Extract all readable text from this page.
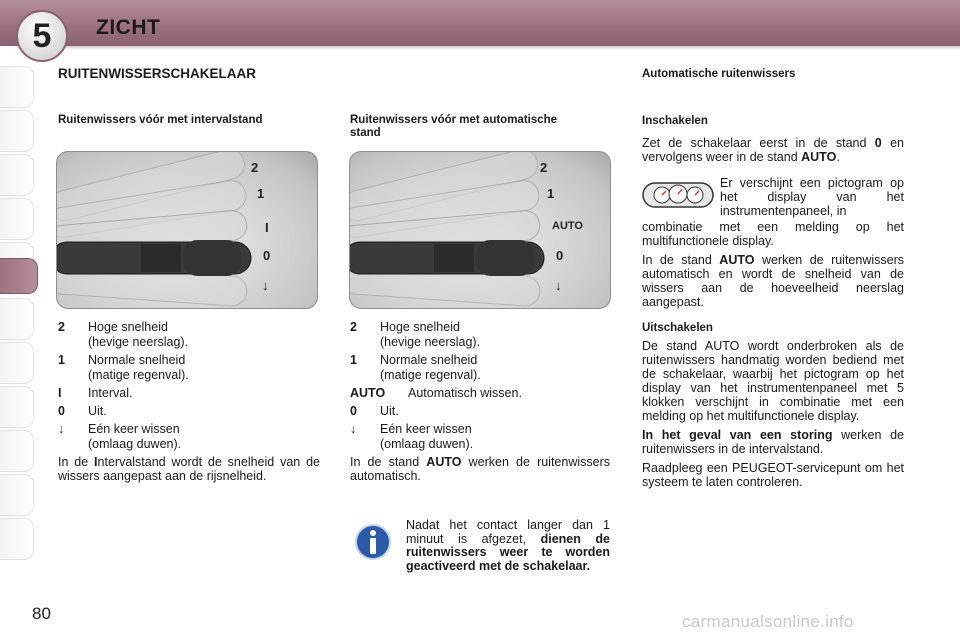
5	ZICHT
RUITENWISSERSCHAKELAAR	Automatische ruitenwissers
Ruitenwissers vóór met intervalstand
2
1
I
0
↓
2	Hoge snelheid
(hevige neerslag).
1	Normale snelheid
(matige regenval).
I	Interval.
0	Uit.
↓	Eén keer wissen
(omlaag duwen).
In de Intervalstand wordt de snelheid van de wissers aangepast aan de rijsnelheid.
Ruitenwissers vóór met automatische stand
2
1
AUTO
0
↓
2	Hoge snelheid
(hevige neerslag).
1	Normale snelheid
(matige regenval).
AUTO	Automatisch wissen.
0	Uit.
↓	Eén keer wissen
(omlaag duwen).
In de stand AUTO werken de ruitenwissers automatisch.
Nadat het contact langer dan 1 minuut is afgezet, dienen de ruitenwissers weer te worden geactiveerd met de schakelaar.
Inschakelen

Zet de schakelaar eerst in de stand 0 en vervolgens weer in de stand AUTO.

Er verschijnt een pictogram op het display van het instrumentenpaneel, in

combinatie met een melding op het multifunctionele display.

In de stand AUTO werken de ruitenwissers automatisch en wordt de snelheid van de wissers aan de hoeveelheid neerslag aangepast.

Uitschakelen

De stand AUTO wordt onderbroken als de ruitenwissers handmatig worden bediend met de schakelaar, waarbij het pictogram op het display van het instrumentenpaneel met 5 klokken verschijnt in combinatie met een melding op het multifunctionele display.

In het geval van een storing werken de ruitenwissers in de intervalstand.

Raadpleeg een PEUGEOT-servicepunt om het systeem te laten controleren.

80	carmanualsonline.info
